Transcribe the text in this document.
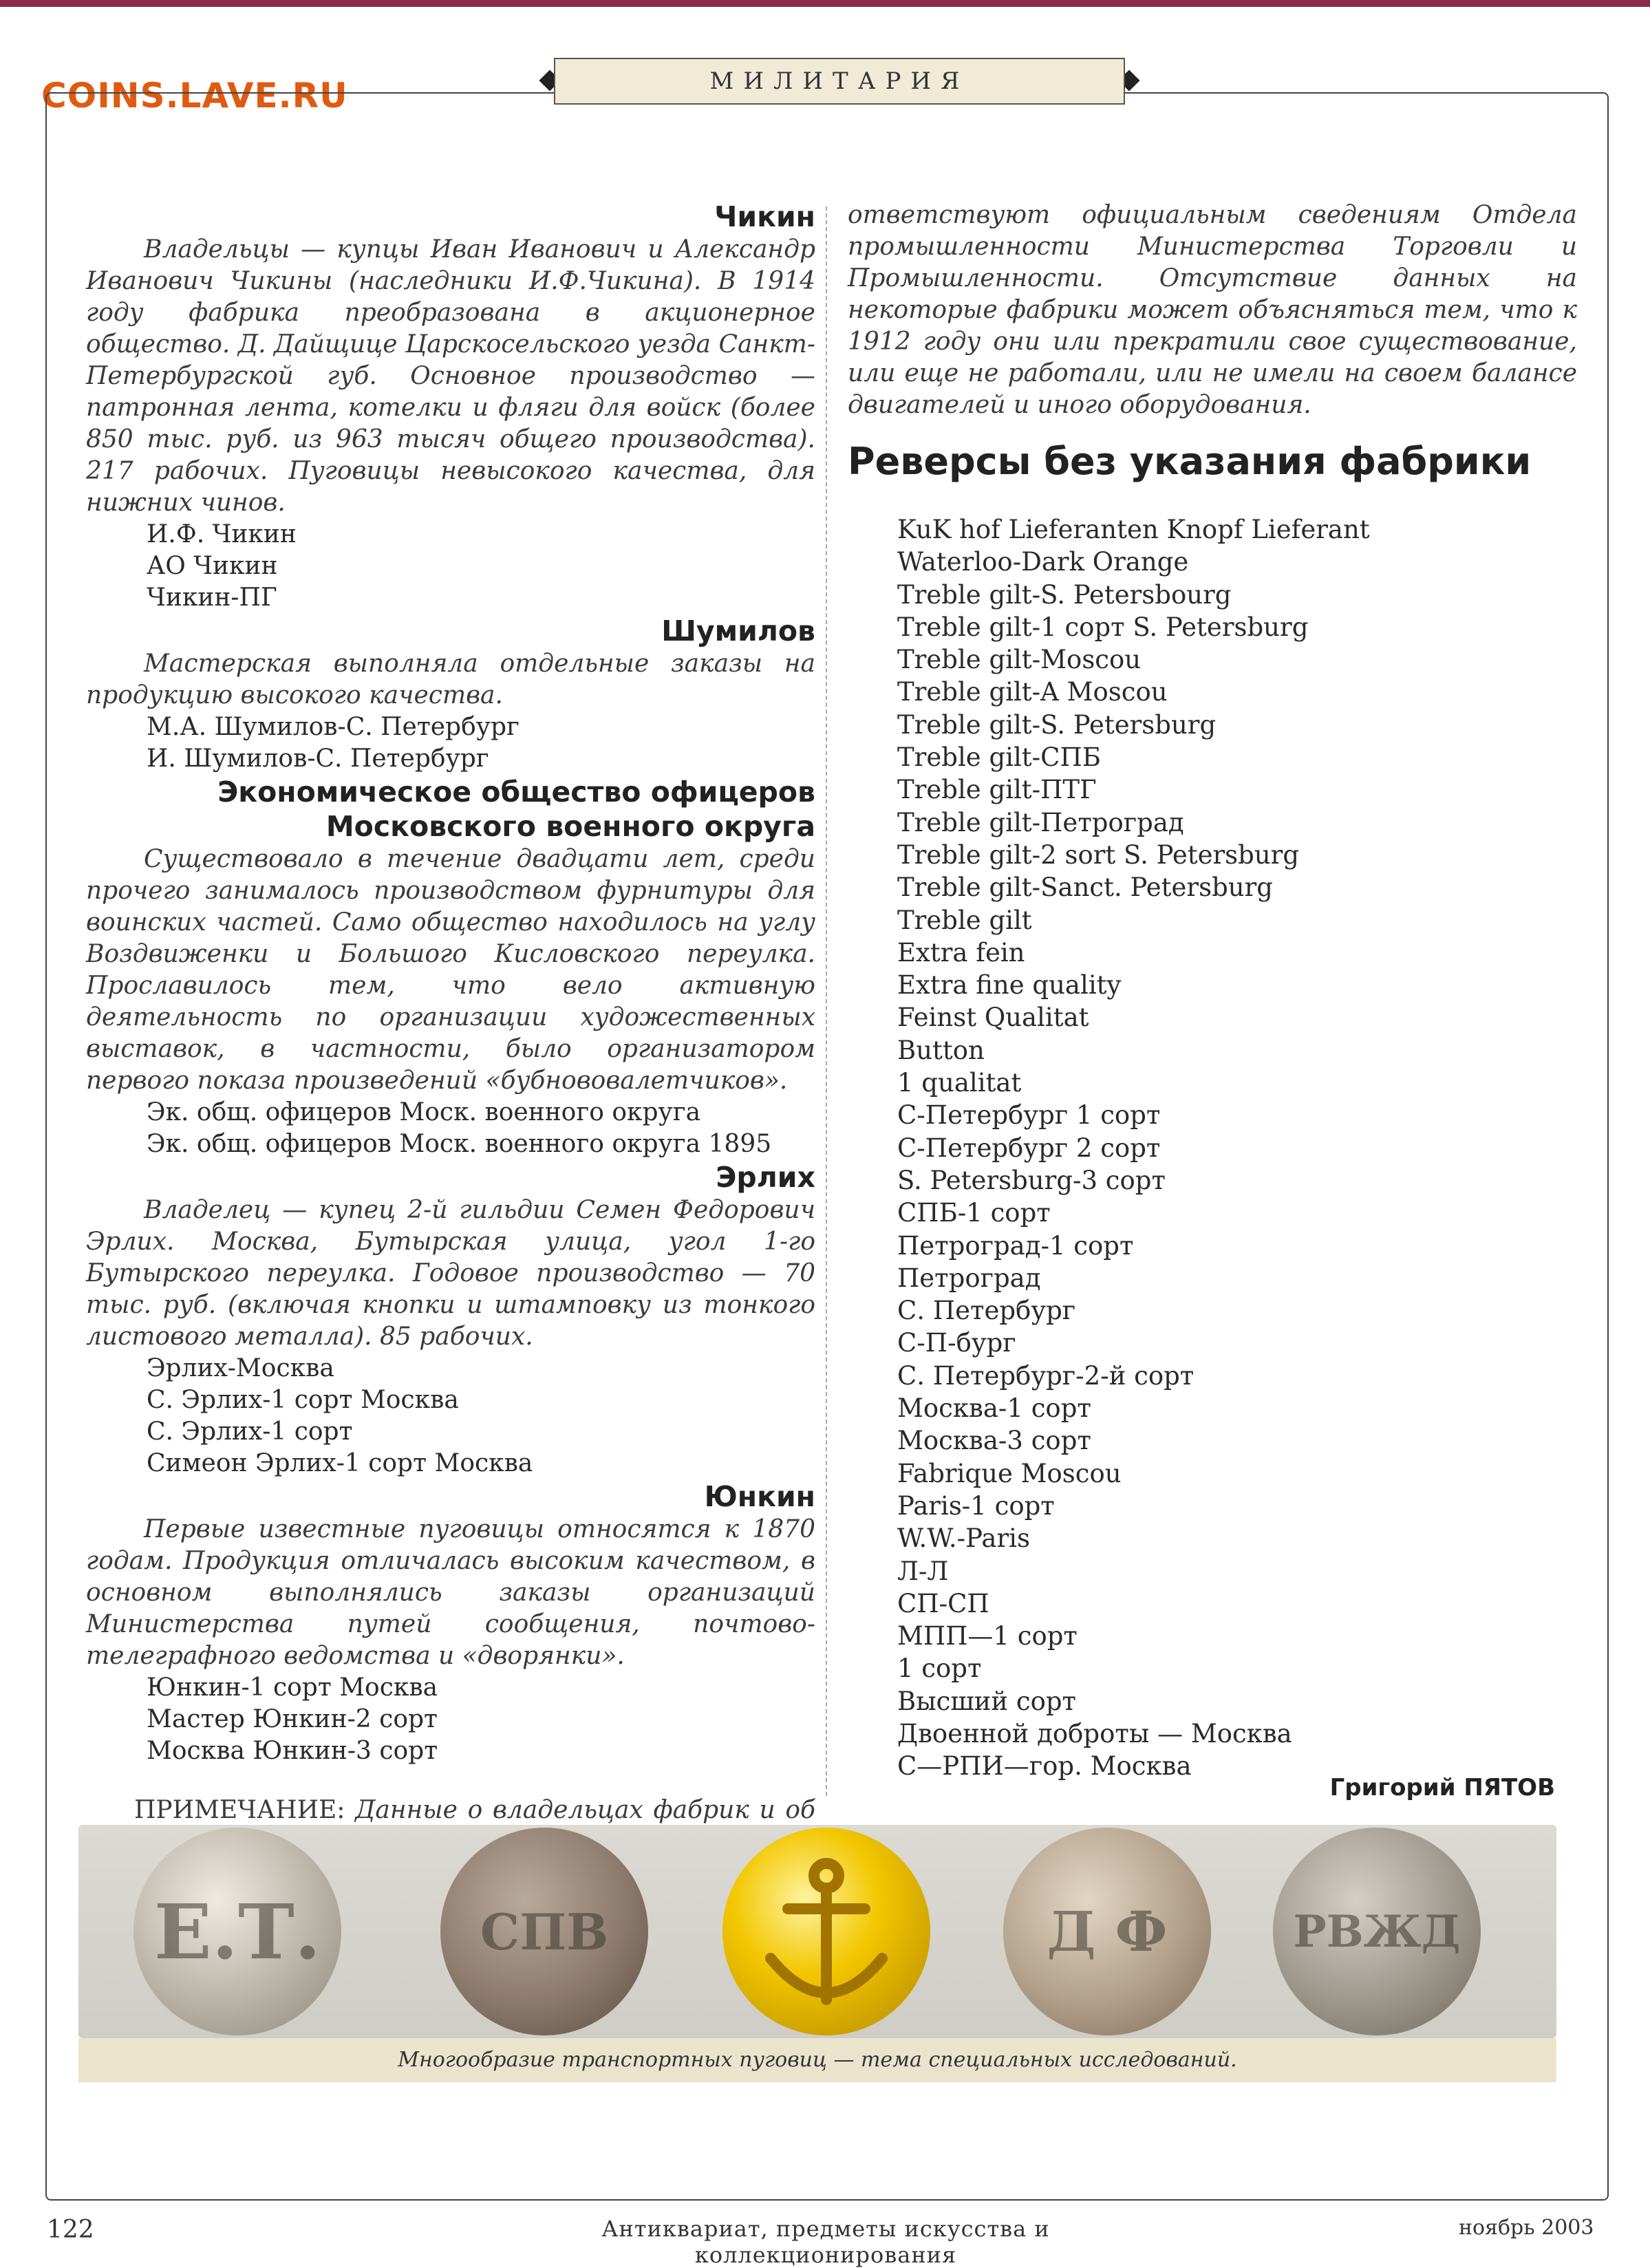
COINS.LAVE.RU	МИЛИТАРИЯ
Чикин

Владельцы — купцы Иван Иванович и Александр Иванович Чикины (наследники И.Ф.Чикина). В 1914 году фабрика преобразована в акционерное общество. Д. Дайщице Царскосельского уезда Санкт-Петербургской губ. Основное производство — патронная лента, котелки и фляги для войск (более 850 тыс. руб. из 963 тысяч общего производства). 217 рабочих. Пуговицы невысокого качества, для нижних чинов.

И.Ф. Чикин
АО Чикин
Чикин-ПГ
Шумилов

Мастерская выполняла отдельные заказы на продукцию высокого качества.

М.А. Шумилов-С. Петербург
И. Шумилов-С. Петербург
Экономическое общество офицеров Московского военного округа

Существовало в течение двадцати лет, среди прочего занималось производством фурнитуры для воинских частей. Само общество находилось на углу Воздвиженки и Большого Кисловского переулка. Прославилось тем, что вело активную деятельность по организации художественных выставок, в частности, было организатором первого показа произведений «бубнововалетчиков».

Эк. общ. офицеров Моск. военного округа
Эк. общ. офицеров Моск. военного округа 1895
Эрлих

Владелец — купец 2-й гильдии Семен Федорович Эрлих. Москва, Бутырская улица, угол 1-го Бутырского переулка. Годовое производство — 70 тыс. руб. (включая кнопки и штамповку из тонкого листового металла). 85 рабочих.

Эрлих-Москва
С. Эрлих-1 сорт Москва
С. Эрлих-1 сорт
Симеон Эрлих-1 сорт Москва
Юнкин

Первые известные пуговицы относятся к 1870 годам. Продукция отличалась высоким качеством, в основном выполнялись заказы организаций Министерства путей сообщения, почтово-телеграфного ведомства и «дворянки».

Юнкин-1 сорт Москва
Мастер Юнкин-2 сорт
Москва Юнкин-3 сорт
ПРИМЕЧАНИЕ: Данные о владельцах фабрик и об

ответствуют официальным сведениям Отдела промышленности Министерства Торговли и Промышленности. Отсутствие данных на некоторые фабрики может объясняться тем, что к 1912 году они или прекратили свое существование, или еще не работали, или не имели на своем балансе двигателей и иного оборудования.

Реверсы без указания фабрики
KuK hof Lieferanten Knopf Lieferant
Waterloo-Dark Orange
Treble gilt-S. Petersbourg
Treble gilt-1 сорт S. Petersburg
Treble gilt-Moscou
Treble gilt-A Moscou
Treble gilt-S. Petersburg
Treble gilt-СПБ
Treble gilt-ПТГ
Treble gilt-Петроград
Treble gilt-2 sort S. Petersburg
Treble gilt-Sanct. Petersburg
Treble gilt
Extra fein
Extra fine quality
Feinst Qualitat
Button
1 qualitat
С-Петербург 1 сорт
С-Петербург 2 сорт
S. Petersburg-3 сорт
СПБ-1 сорт
Петроград-1 сорт
Петроград
С. Петербург
С-П-бург
С. Петербург-2-й сорт
Москва-1 сорт
Москва-3 сорт
Fabrique Moscou
Paris-1 сорт
W.W.-Paris
Л-Л
СП-СП
МПП—1 сорт
1 сорт
Высший сорт
Двоенной доброты — Москва
С—РПИ—гор. Москва
Григорий ПЯТОВ
Е.Т.	СПВ	Д Ф	РВЖД
Многообразие транспортных пуговиц — тема специальных исследований.
122	Антиквариат, предметы искусства и коллекционирования
ноябрь 2003
